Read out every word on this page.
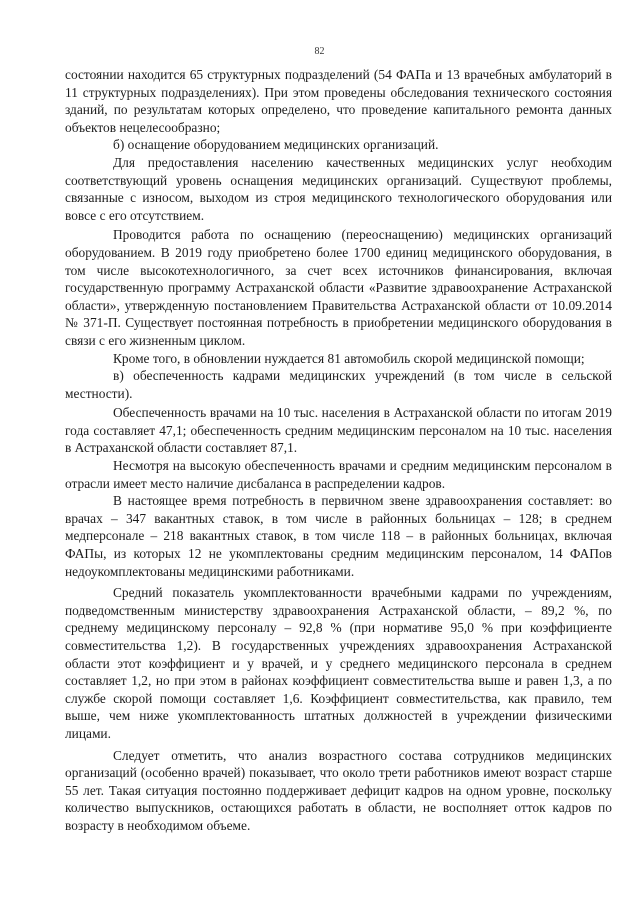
82

состоянии находится 65 структурных подразделений (54 ФАПа и 13 врачебных амбулаторий в 11 структурных подразделениях). При этом проведены обследования технического состояния зданий, по результатам которых определено, что проведение капитального ремонта данных объектов нецелесообразно;

б) оснащение оборудованием медицинских организаций.

Для предоставления населению качественных медицинских услуг необходим соответствующий уровень оснащения медицинских организаций. Существуют проблемы, связанные с износом, выходом из строя медицинского технологического оборудования или вовсе с его отсутствием.

Проводится работа по оснащению (переоснащению) медицинских организаций оборудованием. В 2019 году приобретено более 1700 единиц медицинского оборудования, в том числе высокотехнологичного, за счет всех источников финансирования, включая государственную программу Астраханской области «Развитие здравоохранение Астраханской области», утвержденную постановлением Правительства Астраханской области от 10.09.2014 № 371-П. Существует постоянная потребность в приобретении медицинского оборудования в связи с его жизненным циклом.

Кроме того, в обновлении нуждается 81 автомобиль скорой медицинской помощи;

в) обеспеченность кадрами медицинских учреждений (в том числе в сельской местности).

Обеспеченность врачами на 10 тыс. населения в Астраханской области по итогам 2019 года составляет 47,1; обеспеченность средним медицинским персоналом на 10 тыс. населения в Астраханской области составляет 87,1.

Несмотря на высокую обеспеченность врачами и средним медицинским персоналом в отрасли имеет место наличие дисбаланса в распределении кадров.

В настоящее время потребность в первичном звене здравоохранения составляет: во врачах – 347 вакантных ставок, в том числе в районных больницах – 128; в среднем медперсонале – 218 вакантных ставок, в том числе 118 – в районных больницах, включая ФАПы, из которых 12 не укомплектованы средним медицинским персоналом, 14 ФАПов недоукомплектованы медицинскими работниками.

Средний показатель укомплектованности врачебными кадрами по учреждениям, подведомственным министерству здравоохранения Астраханской области, – 89,2 %, по среднему медицинскому персоналу – 92,8 % (при нормативе 95,0 % при коэффициенте совместительства 1,2). В государственных учреждениях здравоохранения Астраханской области этот коэффициент и у врачей, и у среднего медицинского персонала в среднем составляет 1,2, но при этом в районах коэффициент совместительства выше и равен 1,3, а по службе скорой помощи составляет 1,6. Коэффициент совместительства, как правило, тем выше, чем ниже укомплектованность штатных должностей в учреждении физическими лицами.

Следует отметить, что анализ возрастного состава сотрудников медицинских организаций (особенно врачей) показывает, что около трети работников имеют возраст старше 55 лет. Такая ситуация постоянно поддерживает дефицит кадров на одном уровне, поскольку количество выпускников, остающихся работать в области, не восполняет отток кадров по возрасту в необходимом объеме.
